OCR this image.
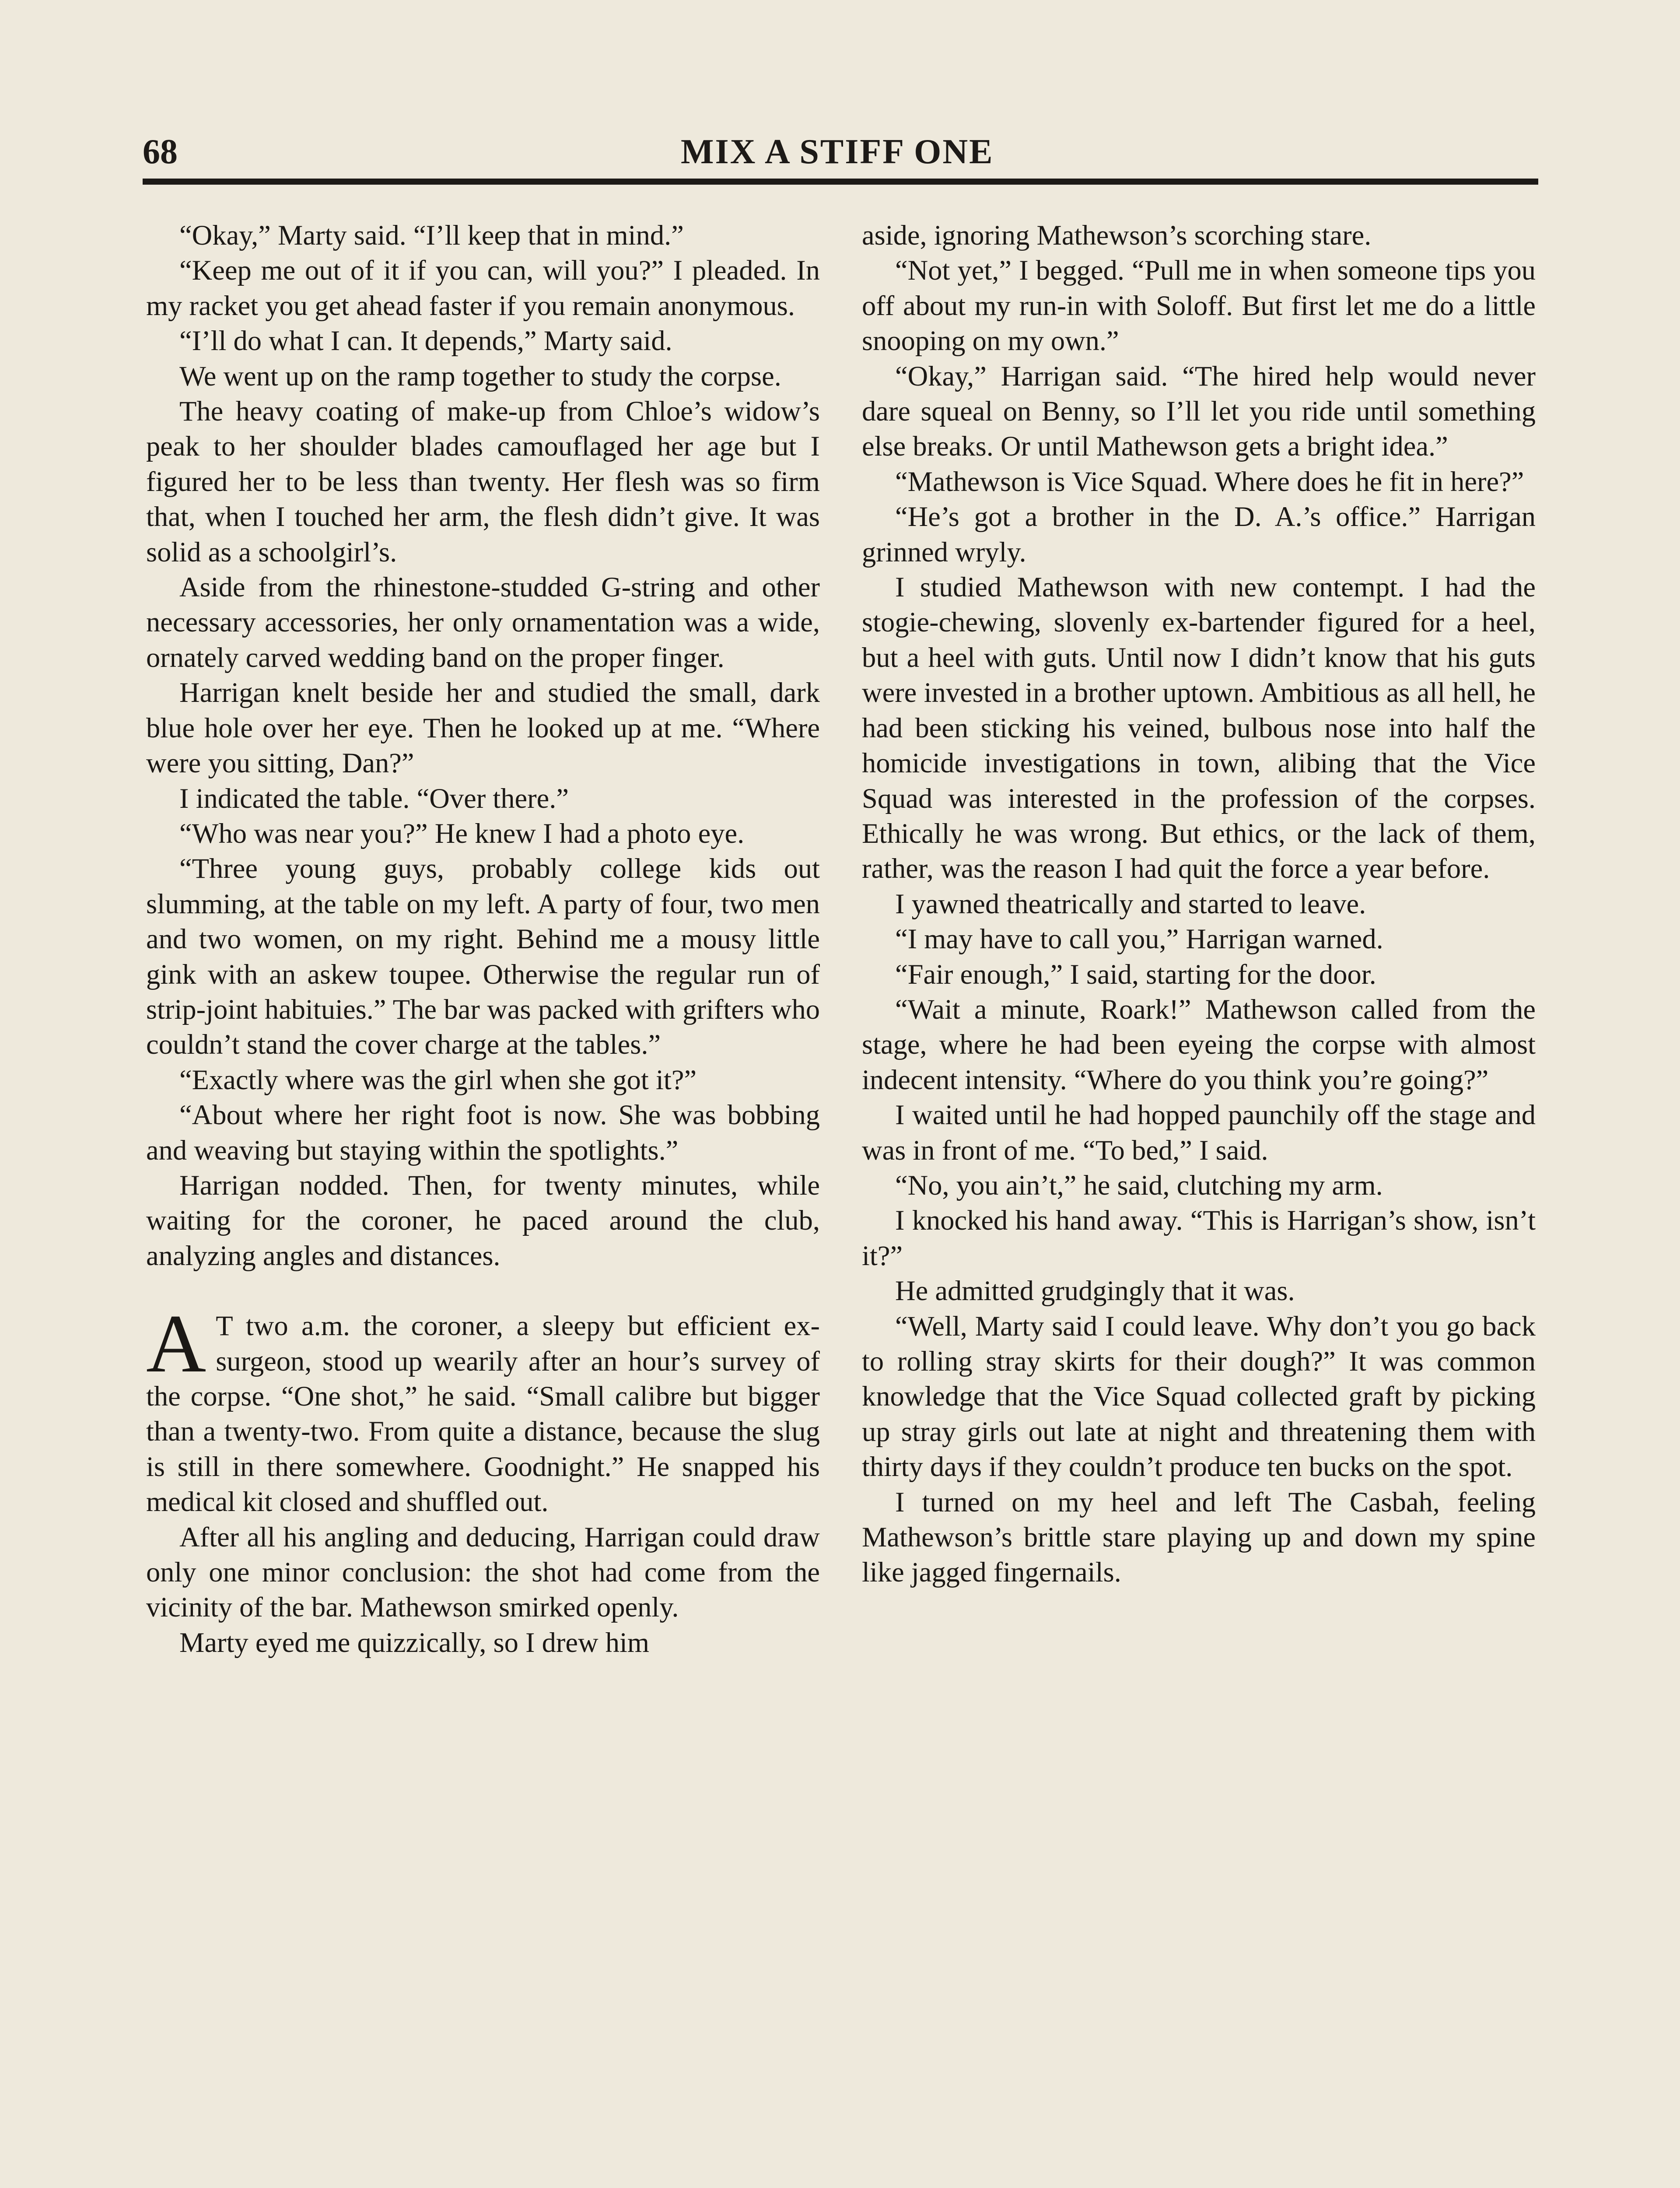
68	MIX A STIFF ONE

“Okay,” Marty said. “I’ll keep that in mind.”

“Keep me out of it if you can, will you?” I pleaded. In my racket you get ahead faster if you remain anonymous.

“I’ll do what I can. It depends,” Marty said.

We went up on the ramp together to study the corpse.

The heavy coating of make-up from Chloe’s widow’s peak to her shoulder blades camouflaged her age but I figured her to be less than twenty. Her flesh was so firm that, when I touched her arm, the flesh didn’t give. It was solid as a schoolgirl’s.

Aside from the rhinestone-studded G-string and other necessary accessories, her only ornamentation was a wide, ornately carved wedding band on the proper finger.

Harrigan knelt beside her and studied the small, dark blue hole over her eye. Then he looked up at me. “Where were you sitting, Dan?”

I indicated the table. “Over there.”

“Who was near you?” He knew I had a photo eye.

“Three young guys, probably college kids out slumming, at the table on my left. A party of four, two men and two women, on my right. Behind me a mousy little gink with an askew toupee. Otherwise the regular run of strip-joint habituies.” The bar was packed with grifters who couldn’t stand the cover charge at the tables.”

“Exactly where was the girl when she got it?”

“About where her right foot is now. She was bobbing and weaving but staying within the spotlights.”

Harrigan nodded. Then, for twenty minutes, while waiting for the coroner, he paced around the club, analyzing angles and distances.

A T two a.m. the coroner, a sleepy but efficient ex-surgeon, stood up wearily after an hour’s survey of the corpse. “One shot,” he said. “Small calibre but bigger than a twenty-two. From quite a distance, because the slug is still in there somewhere. Goodnight.” He snapped his medical kit closed and shuffled out.

After all his angling and deducing, Harrigan could draw only one minor conclusion: the shot had come from the vicinity of the bar. Mathewson smirked openly.

Marty eyed me quizzically, so I drew him

aside, ignoring Mathewson’s scorching stare.

“Not yet,” I begged. “Pull me in when someone tips you off about my run-in with Soloff. But first let me do a little snooping on my own.”

“Okay,” Harrigan said. “The hired help would never dare squeal on Benny, so I’ll let you ride until something else breaks. Or until Mathewson gets a bright idea.”

“Mathewson is Vice Squad. Where does he fit in here?”

“He’s got a brother in the D. A.’s office.” Harrigan grinned wryly.

I studied Mathewson with new contempt. I had the stogie-chewing, slovenly ex-bartender figured for a heel, but a heel with guts. Until now I didn’t know that his guts were invested in a brother uptown. Ambitious as all hell, he had been sticking his veined, bulbous nose into half the homicide investigations in town, alibing that the Vice Squad was interested in the profession of the corpses. Ethically he was wrong. But ethics, or the lack of them, rather, was the reason I had quit the force a year before.

I yawned theatrically and started to leave.

“I may have to call you,” Harrigan warned.

“Fair enough,” I said, starting for the door.

“Wait a minute, Roark!” Mathewson called from the stage, where he had been eyeing the corpse with almost indecent intensity. “Where do you think you’re going?”

I waited until he had hopped paunchily off the stage and was in front of me. “To bed,” I said.

“No, you ain’t,” he said, clutching my arm.

I knocked his hand away. “This is Harrigan’s show, isn’t it?”

He admitted grudgingly that it was.

“Well, Marty said I could leave. Why don’t you go back to rolling stray skirts for their dough?” It was common knowledge that the Vice Squad collected graft by picking up stray girls out late at night and threatening them with thirty days if they couldn’t produce ten bucks on the spot.

I turned on my heel and left The Casbah, feeling Mathewson’s brittle stare playing up and down my spine like jagged fingernails.
